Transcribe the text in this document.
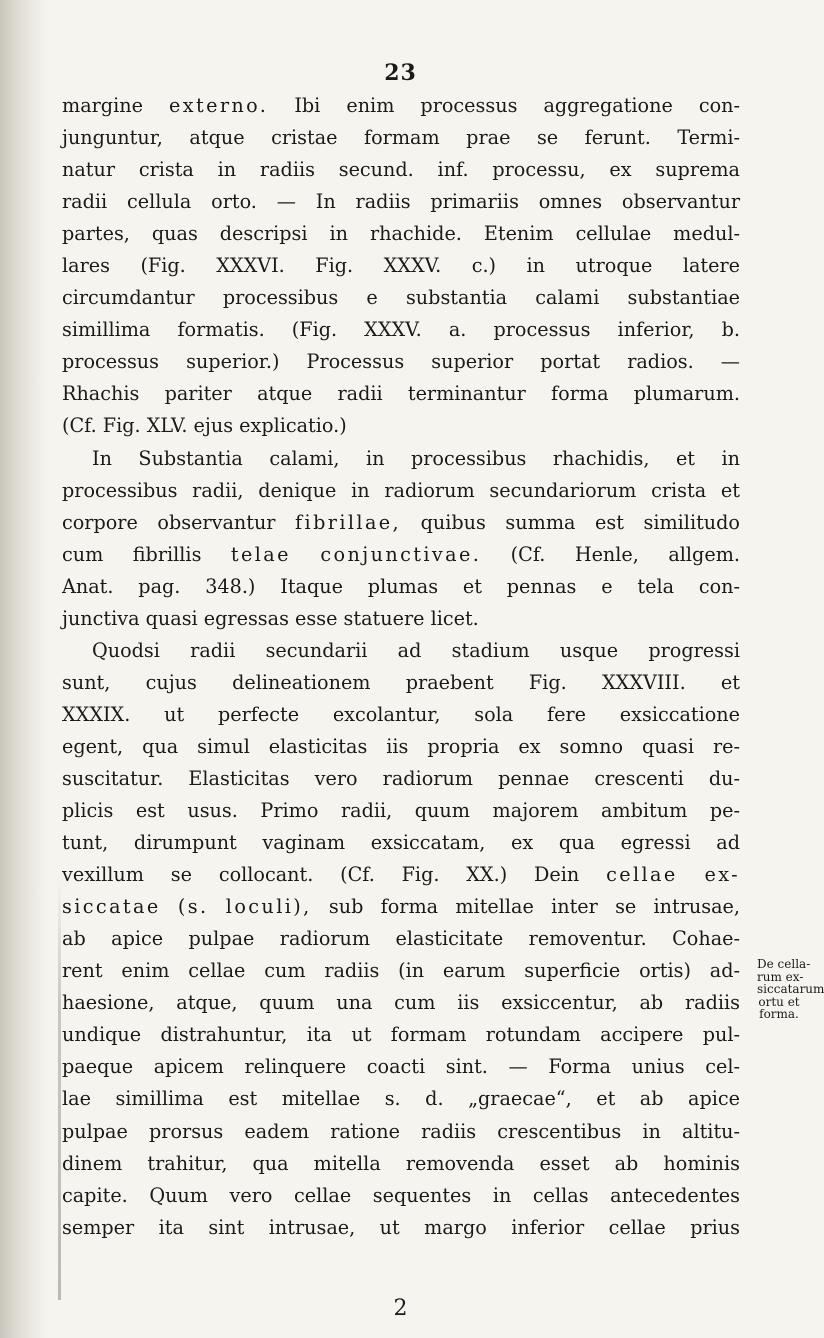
23
margine externo. Ibi enim processus aggregatione con-
junguntur, atque cristae formam prae se ferunt. Termi-
natur crista in radiis secund. inf. processu, ex suprema
radii cellula orto. — In radiis primariis omnes observantur
partes, quas descripsi in rhachide. Etenim cellulae medul-
lares (Fig. XXXVI. Fig. XXXV. c.) in utroque latere
circumdantur processibus e substantia calami substantiae
simillima formatis. (Fig. XXXV. a. processus inferior, b.
processus superior.) Processus superior portat radios. —
Rhachis pariter atque radii terminantur forma plumarum.
(Cf. Fig. XLV. ejus explicatio.)
In Substantia calami, in processibus rhachidis, et in
processibus radii, denique in radiorum secundariorum crista et
corpore observantur fibrillae, quibus summa est similitudo
cum fibrillis telae conjunctivae. (Cf. Henle, allgem.
Anat. pag. 348.) Itaque plumas et pennas e tela con-
junctiva quasi egressas esse statuere licet.
Quodsi radii secundarii ad stadium usque progressi
sunt, cujus delineationem praebent Fig. XXXVIII. et
XXXIX. ut perfecte excolantur, sola fere exsiccatione
egent, qua simul elasticitas iis propria ex somno quasi re-
suscitatur. Elasticitas vero radiorum pennae crescenti du-
plicis est usus. Primo radii, quum majorem ambitum pe-
tunt, dirumpunt vaginam exsiccatam, ex qua egressi ad
vexillum se collocant. (Cf. Fig. XX.) Dein cellae ex-
siccatae (s. loculi), sub forma mitellae inter se intrusae,
ab apice pulpae radiorum elasticitate removentur. Cohae-
rent enim cellae cum radiis (in earum superficie ortis) ad-
haesione, atque, quum una cum iis exsiccentur, ab radiis
undique distrahuntur, ita ut formam rotundam accipere pul-
paeque apicem relinquere coacti sint. — Forma unius cel-
lae simillima est mitellae s. d. „graecae“, et ab apice
pulpae prorsus eadem ratione radiis crescentibus in altitu-
dinem trahitur, qua mitella removenda esset ab hominis
capite. Quum vero cellae sequentes in cellas antecedentes
semper ita sint intrusae, ut margo inferior cellae prius
De cella-
rum ex-
siccatarum
ortu et
forma.
2
